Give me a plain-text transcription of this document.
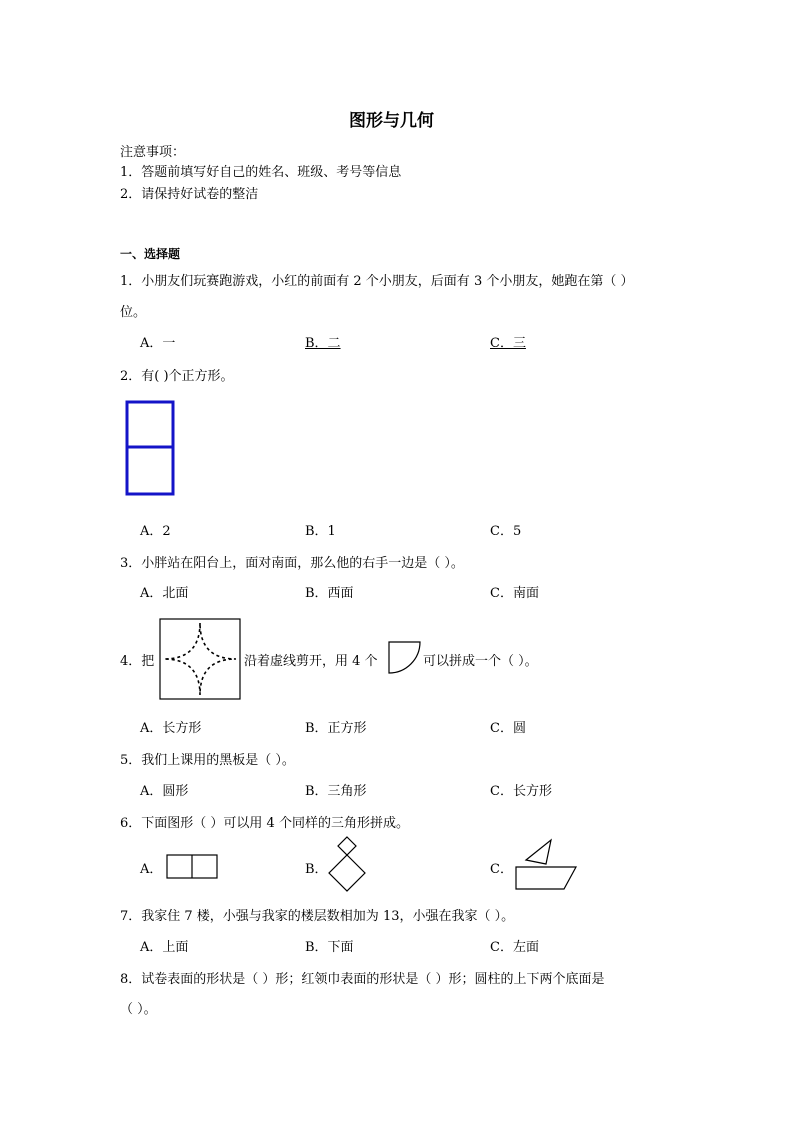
图形与几何
注意事项：
1．答题前填写好自己的姓名、班级、考号等信息
2．请保持好试卷的整洁
一、选择题
1．小朋友们玩赛跑游戏，小红的前面有 2 个小朋友，后面有 3 个小朋友，她跑在第（ ）
位。
A．一	B．二	C．三
2．有( )个正方形。
A．2	B．1	C．5
3．小胖站在阳台上，面对南面，那么他的右手一边是（ ）。
A．北面	B．西面	C．南面
4．把	沿着虚线剪开，用 4 个	可以拼成一个（ ）。
A．长方形	B．正方形	C．圆
5．我们上课用的黑板是（ ）。
A．圆形	B．三角形	C．长方形
6．下面图形（ ）可以用 4 个同样的三角形拼成。
A．	B．	C．
7．我家住 7 楼，小强与我家的楼层数相加为 13，小强在我家（ ）。
A．上面	B．下面	C．左面
8．试卷表面的形状是（ ）形；红领巾表面的形状是（ ）形；圆柱的上下两个底面是
（ ）。
